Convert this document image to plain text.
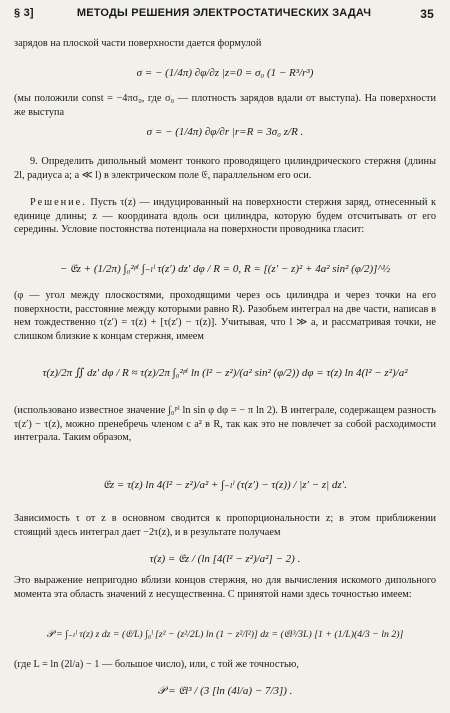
§ 3]	МЕТОДЫ РЕШЕНИЯ ЭЛЕКТРОСТАТИЧЕСКИХ ЗАДАЧ	35
зарядов на плоской части поверхности дается формулой
σ = − (1/4π) ∂φ/∂z |z=0 = σ₀ (1 − R³/r³)
(мы положили const = −4πσ₀, где σ₀ — плотность зарядов вдали от выступа). На поверхности же выступа
σ = − (1/4π) ∂φ/∂r |r=R = 3σ₀ z/R .
9. Определить дипольный момент тонкого проводящего цилиндрического стержня (длины 2l, радиуса a; a ≪ l) в электрическом поле 𝔈, параллельном его оси.
Решение. Пусть τ(z) — индуцированный на поверхности стержня заряд, отнесенный к единице длины; z — координата вдоль оси цилиндра, которую будем отсчитывать от его середины. Условие постоянства потенциала на поверхности проводника гласит:
− 𝔈z + (1/2π) ∫₀²ᵖⁱ ∫₋ₗˡ τ(z′) dz′ dφ / R = 0, R = [(z′ − z)² + 4a² sin² (φ/2)]^½
(φ — угол между плоскостями, проходящими через ось цилиндра и через точки на его поверхности, расстояние между которыми равно R). Разобьем интеграл на две части, написав в нем тождественно τ(z′) = τ(z) + [τ(z′) − τ(z)]. Учитывая, что l ≫ a, и рассматривая точки, не слишком близкие к концам стержня, имеем
τ(z)/2π ∬ dz′ dφ / R ≈ τ(z)/2π ∫₀²ᵖⁱ ln (l² − z²)/(a² sin² (φ/2)) dφ = τ(z) ln 4(l² − z²)/a²
(использовано известное значение ∫₀ᵖⁱ ln sin φ dφ = − π ln 2). В интеграле, содержащем разность τ(z′) − τ(z), можно пренебречь членом с a² в R, так как это не повлечет за собой расходимости интеграла. Таким образом,
𝔈z = τ(z) ln 4(l² − z²)/a² + ∫₋ₗˡ (τ(z′) − τ(z)) / |z′ − z| dz′.
Зависимость τ от z в основном сводится к пропорциональности z; в этом приближении стоящий здесь интеграл дает −2τ(z), и в результате получаем
τ(z) = 𝔈z / (ln [4(l² − z²)/a²] − 2) .
Это выражение непригодно вблизи концов стержня, но для вычисления искомого дипольного момента эта область значений z несущественна. С принятой нами здесь точностью имеем:
𝒫 = ∫₋ₗˡ τ(z) z dz = (𝔈/L) ∫₀ˡ [z² − (z²/2L) ln (1 − z²/l²)] dz = (𝔈l³/3L) [1 + (1/L)(4/3 − ln 2)]
(где L = ln (2l/a) − 1 — большое число), или, с той же точностью,
𝒫 = 𝔈l³ / (3 [ln (4l/a) − 7/3]) .
